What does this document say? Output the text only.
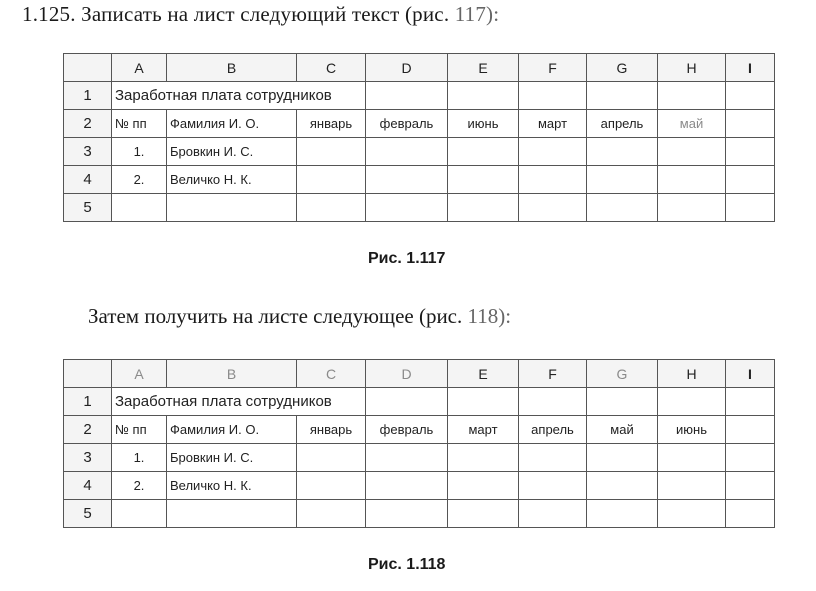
1.125. Записать на лист следующий текст (рис. 117):
	A	B	C	D	E	F	G	H	I
1	Заработная плата сотрудников								
2	№ пп	Фамилия И. О.	январь	февраль	июнь	март	апрель	май	
3	1.	Бровкин И. С.							
4	2.	Величко Н. К.							
5									
Рис. 1.117
Затем получить на листе следующее (рис. 118):
	A	B	C	D	E	F	G	H	I
1	Заработная плата сотрудников								
2	№ пп	Фамилия И. О.	январь	февраль	март	апрель	май	июнь	
3	1.	Бровкин И. С.							
4	2.	Величко Н. К.							
5									
Рис. 1.118
